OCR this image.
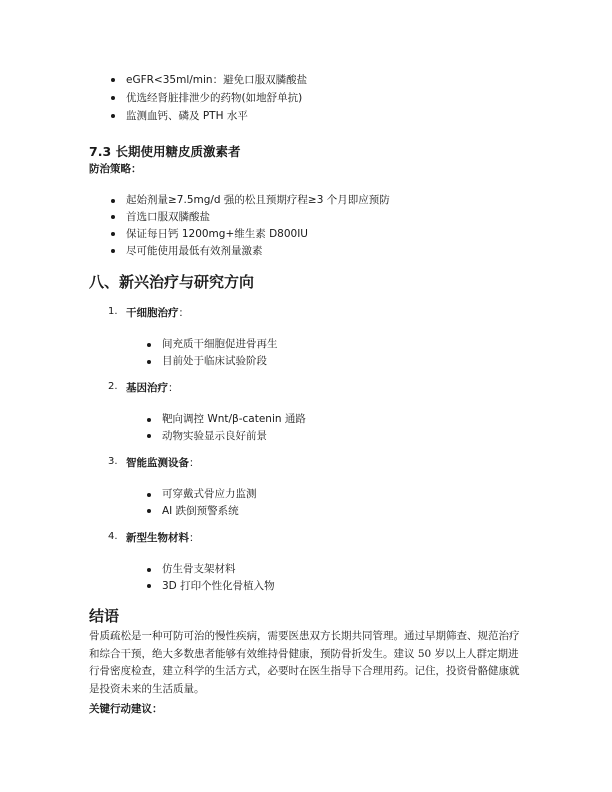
eGFR<35ml/min：避免口服双膦酸盐
优选经肾脏排泄少的药物(如地舒单抗)
监测血钙、磷及 PTH 水平
7.3 长期使用糖皮质激素者
防治策略：
起始剂量≥7.5mg/d 强的松且预期疗程≥3 个月即应预防
首选口服双膦酸盐
保证每日钙 1200mg+维生素 D800IU
尽可能使用最低有效剂量激素
八、新兴治疗与研究方向
1. 干细胞治疗：
间充质干细胞促进骨再生
目前处于临床试验阶段
2. 基因治疗：
靶向调控 Wnt/β-catenin 通路
动物实验显示良好前景
3. 智能监测设备：
可穿戴式骨应力监测
AI 跌倒预警系统
4. 新型生物材料：
仿生骨支架材料
3D 打印个性化骨植入物
结语

骨质疏松是一种可防可治的慢性疾病，需要医患双方长期共同管理。通过早期筛查、规范治疗和综合干预，绝大多数患者能够有效维持骨健康，预防骨折发生。建议 50 岁以上人群定期进行骨密度检查，建立科学的生活方式，必要时在医生指导下合理用药。记住，投资骨骼健康就是投资未来的生活质量。

关键行动建议：
